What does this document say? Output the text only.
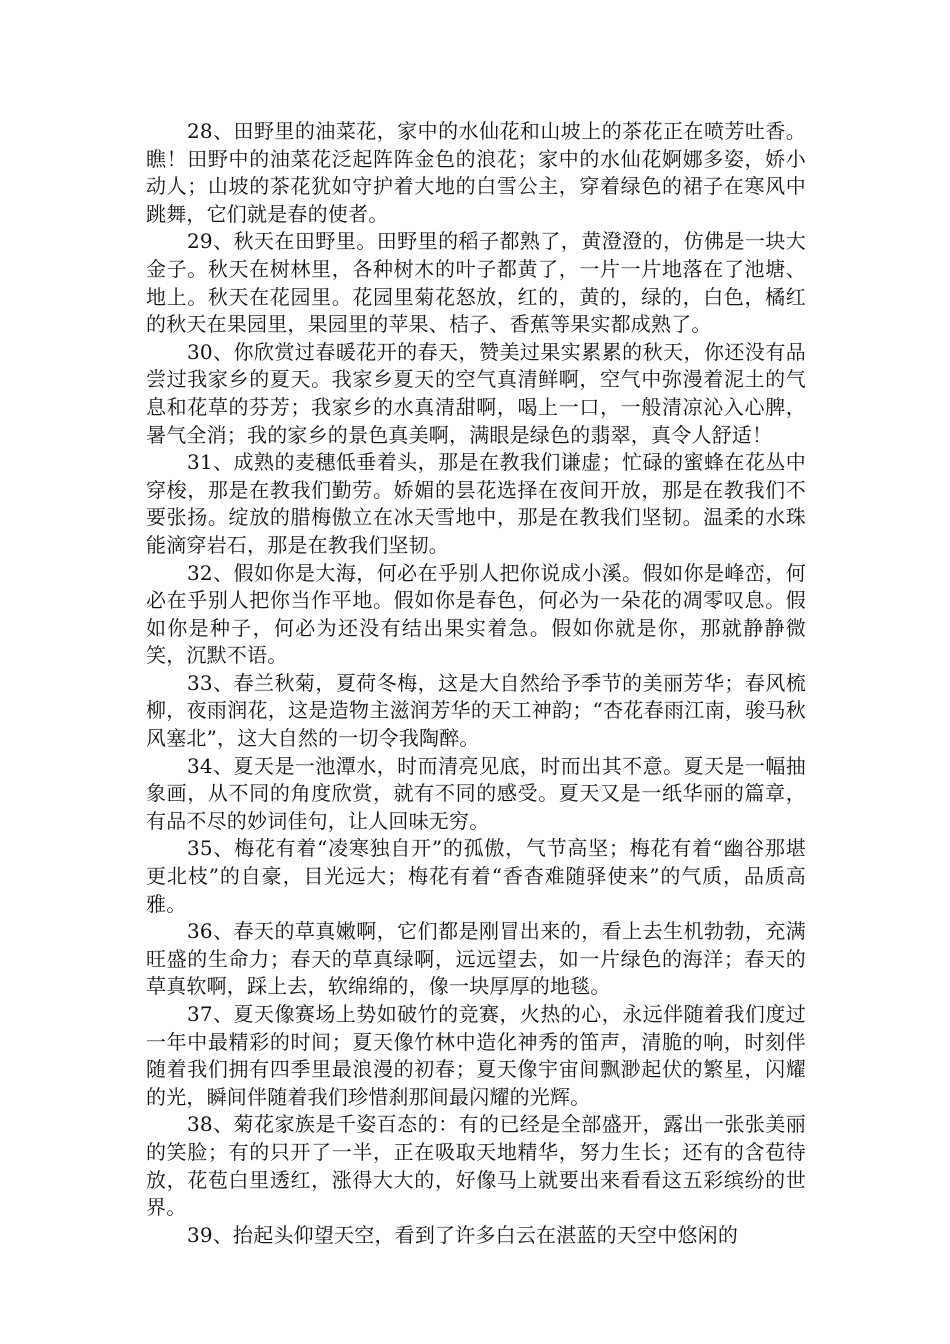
28、田野里的油菜花，家中的水仙花和山坡上的茶花正在喷芳吐香。瞧！田野中的油菜花泛起阵阵金色的浪花；家中的水仙花婀娜多姿，娇小动人；山坡的茶花犹如守护着大地的白雪公主，穿着绿色的裙子在寒风中跳舞，它们就是春的使者。

29、秋天在田野里。田野里的稻子都熟了，黄澄澄的，仿佛是一块大金子。秋天在树林里，各种树木的叶子都黄了，一片一片地落在了池塘、地上。秋天在花园里。花园里菊花怒放，红的，黄的，绿的，白色，橘红的秋天在果园里，果园里的苹果、桔子、香蕉等果实都成熟了。

30、你欣赏过春暖花开的春天，赞美过果实累累的秋天，你还没有品尝过我家乡的夏天。我家乡夏天的空气真清鲜啊，空气中弥漫着泥土的气息和花草的芬芳；我家乡的水真清甜啊，喝上一口，一般清凉沁入心脾，暑气全消；我的家乡的景色真美啊，满眼是绿色的翡翠，真令人舒适！

31、成熟的麦穗低垂着头，那是在教我们谦虚；忙碌的蜜蜂在花丛中穿梭，那是在教我们勤劳。娇媚的昙花选择在夜间开放，那是在教我们不要张扬。绽放的腊梅傲立在冰天雪地中，那是在教我们坚韧。温柔的水珠能滴穿岩石，那是在教我们坚韧。

32、假如你是大海，何必在乎别人把你说成小溪。假如你是峰峦，何必在乎别人把你当作平地。假如你是春色，何必为一朵花的凋零叹息。假如你是种子，何必为还没有结出果实着急。假如你就是你，那就静静微笑，沉默不语。

33、春兰秋菊，夏荷冬梅，这是大自然给予季节的美丽芳华；春风梳柳，夜雨润花，这是造物主滋润芳华的天工神韵；“杏花春雨江南，骏马秋风塞北”，这大自然的一切令我陶醉。

34、夏天是一池潭水，时而清亮见底，时而出其不意。夏天是一幅抽象画，从不同的角度欣赏，就有不同的感受。夏天又是一纸华丽的篇章，有品不尽的妙词佳句，让人回味无穷。

35、梅花有着“凌寒独自开”的孤傲，气节高坚；梅花有着“幽谷那堪更北枝”的自豪，目光远大；梅花有着“香杳难随驿使来”的气质，品质高雅。

36、春天的草真嫩啊，它们都是刚冒出来的，看上去生机勃勃，充满旺盛的生命力；春天的草真绿啊，远远望去，如一片绿色的海洋；春天的草真软啊，踩上去，软绵绵的，像一块厚厚的地毯。

37、夏天像赛场上势如破竹的竞赛，火热的心，永远伴随着我们度过一年中最精彩的时间；夏天像竹林中造化神秀的笛声，清脆的响，时刻伴随着我们拥有四季里最浪漫的初春；夏天像宇宙间飘渺起伏的繁星，闪耀的光，瞬间伴随着我们珍惜刹那间最闪耀的光辉。

38、菊花家族是千姿百态的：有的已经是全部盛开，露出一张张美丽的笑脸；有的只开了一半，正在吸取天地精华，努力生长；还有的含苞待放，花苞白里透红，涨得大大的，好像马上就要出来看看这五彩缤纷的世界。

39、抬起头仰望天空，看到了许多白云在湛蓝的天空中悠闲的
